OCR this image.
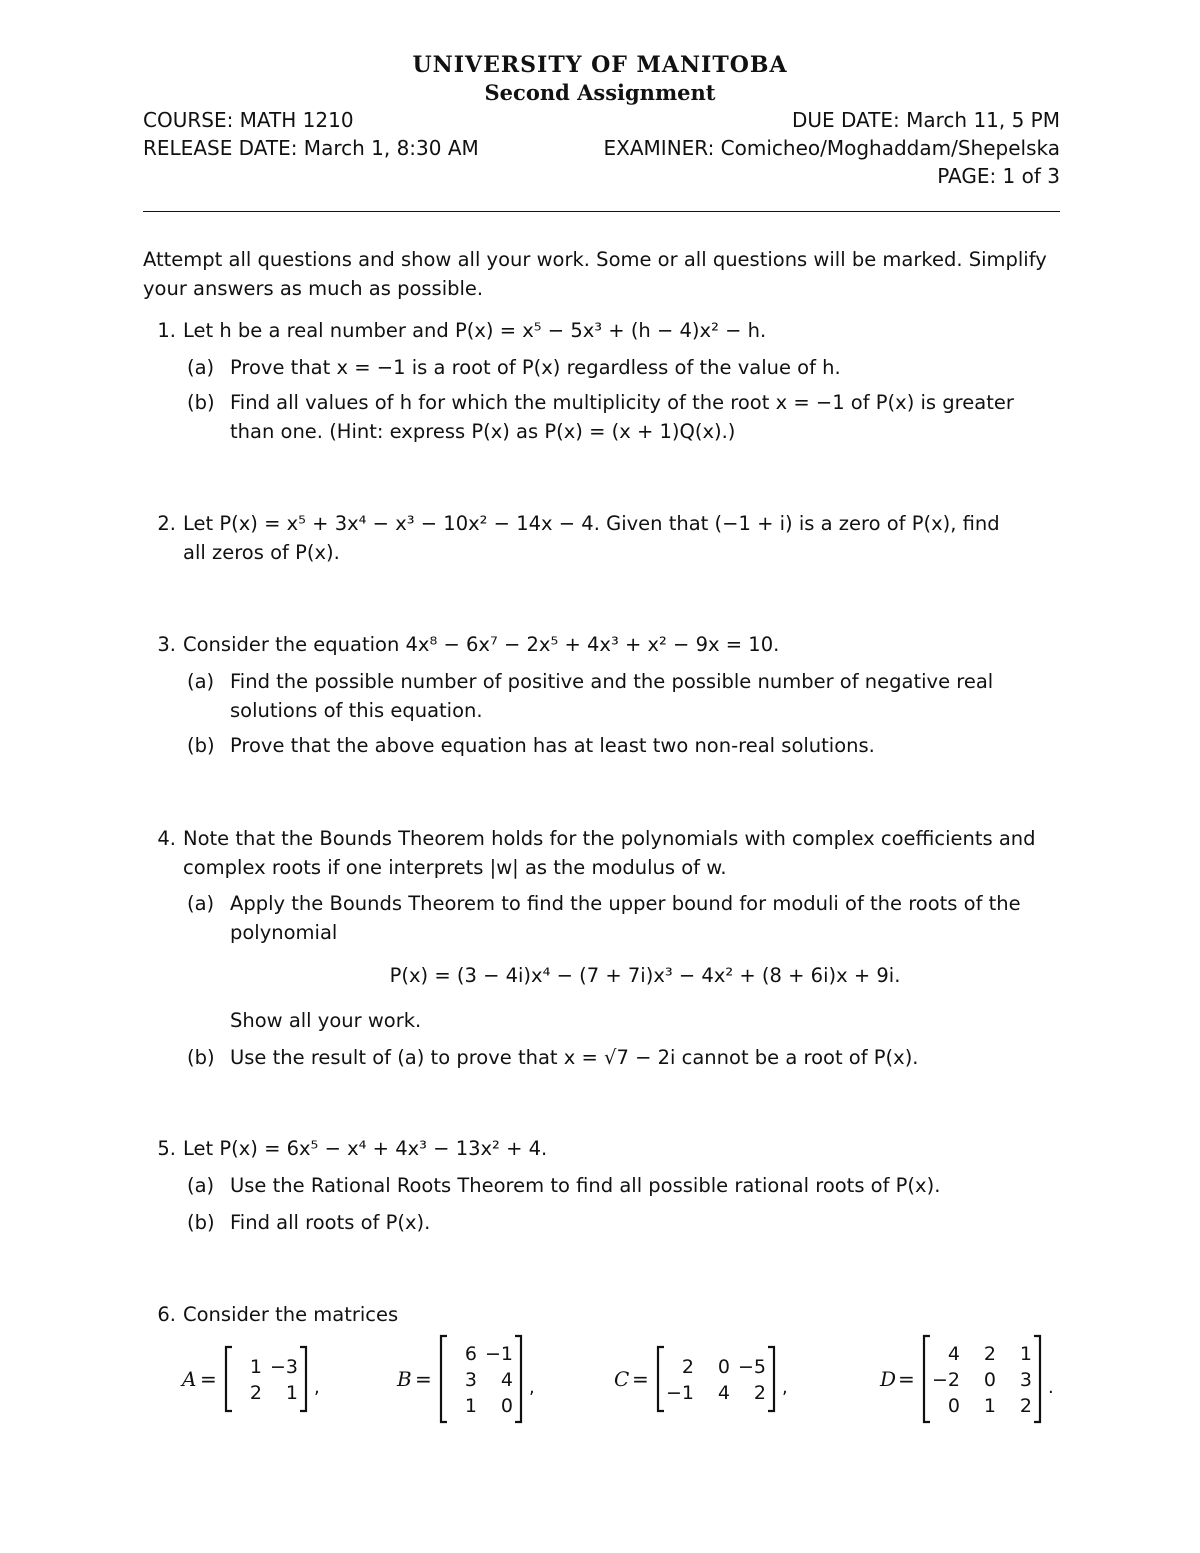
UNIVERSITY OF MANITOBA
Second Assignment
COURSE: MATH 1210	DUE DATE: March 11, 5 PM
RELEASE DATE: March 1, 8:30 AM	EXAMINER: Comicheo/Moghaddam/Shepelska
PAGE: 1 of 3
Attempt all questions and show all your work. Some or all questions will be marked. Simplify
your answers as much as possible.
1. Let h be a real number and P(x) = x⁵ − 5x³ + (h − 4)x² − h.
(a) Prove that x = −1 is a root of P(x) regardless of the value of h.
(b) Find all values of h for which the multiplicity of the root x = −1 of P(x) is greater
than one. (Hint: express P(x) as P(x) = (x + 1)Q(x).)
2. Let P(x) = x⁵ + 3x⁴ − x³ − 10x² − 14x − 4. Given that (−1 + i) is a zero of P(x), find
all zeros of P(x).
3. Consider the equation 4x⁸ − 6x⁷ − 2x⁵ + 4x³ + x² − 9x = 10.
(a) Find the possible number of positive and the possible number of negative real
solutions of this equation.
(b) Prove that the above equation has at least two non-real solutions.
4. Note that the Bounds Theorem holds for the polynomials with complex coefficients and
complex roots if one interprets |w| as the modulus of w.
(a) Apply the Bounds Theorem to find the upper bound for moduli of the roots of the
polynomial
P(x) = (3 − 4i)x⁴ − (7 + 7i)x³ − 4x² + (8 + 6i)x + 9i.
Show all your work.
(b) Use the result of (a) to prove that x = √7 − 2i cannot be a root of P(x).
5. Let P(x) = 6x⁵ − x⁴ + 4x³ − 13x² + 4.
(a) Use the Rational Roots Theorem to find all possible rational roots of P(x).
(b) Find all roots of P(x).
6. Consider the matrices
A = 1 −3
2 1 ,	B =
6 −1
3 4
1 0
,	C = 2 0 −5
−1 4 2 ,	D =
4 2 1
−2 0 3
0 1 2
.
